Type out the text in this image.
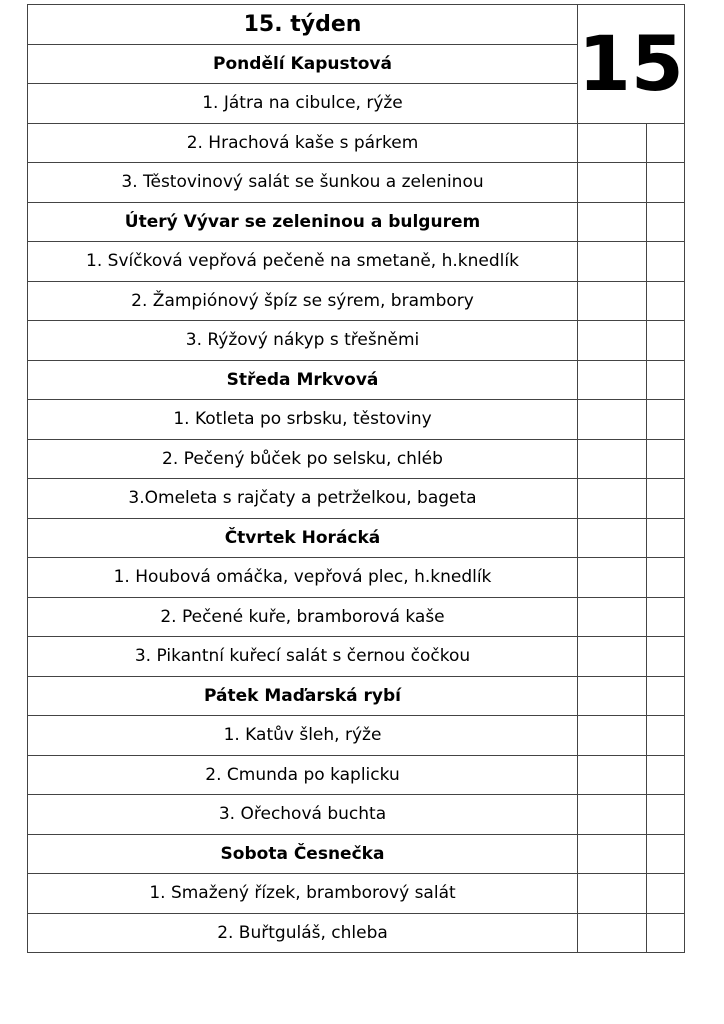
15. týden	15	
Pondělí Kapustová		
1. Játra na cibulce, rýže		
2. Hrachová kaše s párkem		
3. Těstovinový salát se šunkou a zeleninou		
Úterý Vývar se zeleninou a bulgurem		
1. Svíčková vepřová pečeně na smetaně, h.knedlík		
2. Žampiónový špíz se sýrem, brambory		
3. Rýžový nákyp s třešněmi		
Středa Mrkvová		
1. Kotleta po srbsku, těstoviny		
2. Pečený bůček po selsku, chléb		
3.Omeleta s rajčaty a petrželkou, bageta		
Čtvrtek Horácká		
1. Houbová omáčka, vepřová plec, h.knedlík		
2. Pečené kuře, bramborová kaše		
3. Pikantní kuřecí salát s černou čočkou		
Pátek Maďarská rybí		
1. Katův šleh, rýže		
2. Cmunda po kaplicku		
3. Ořechová buchta		
Sobota Česnečka		
1. Smažený řízek, bramborový salát		
2. Buřtguláš, chleba		
